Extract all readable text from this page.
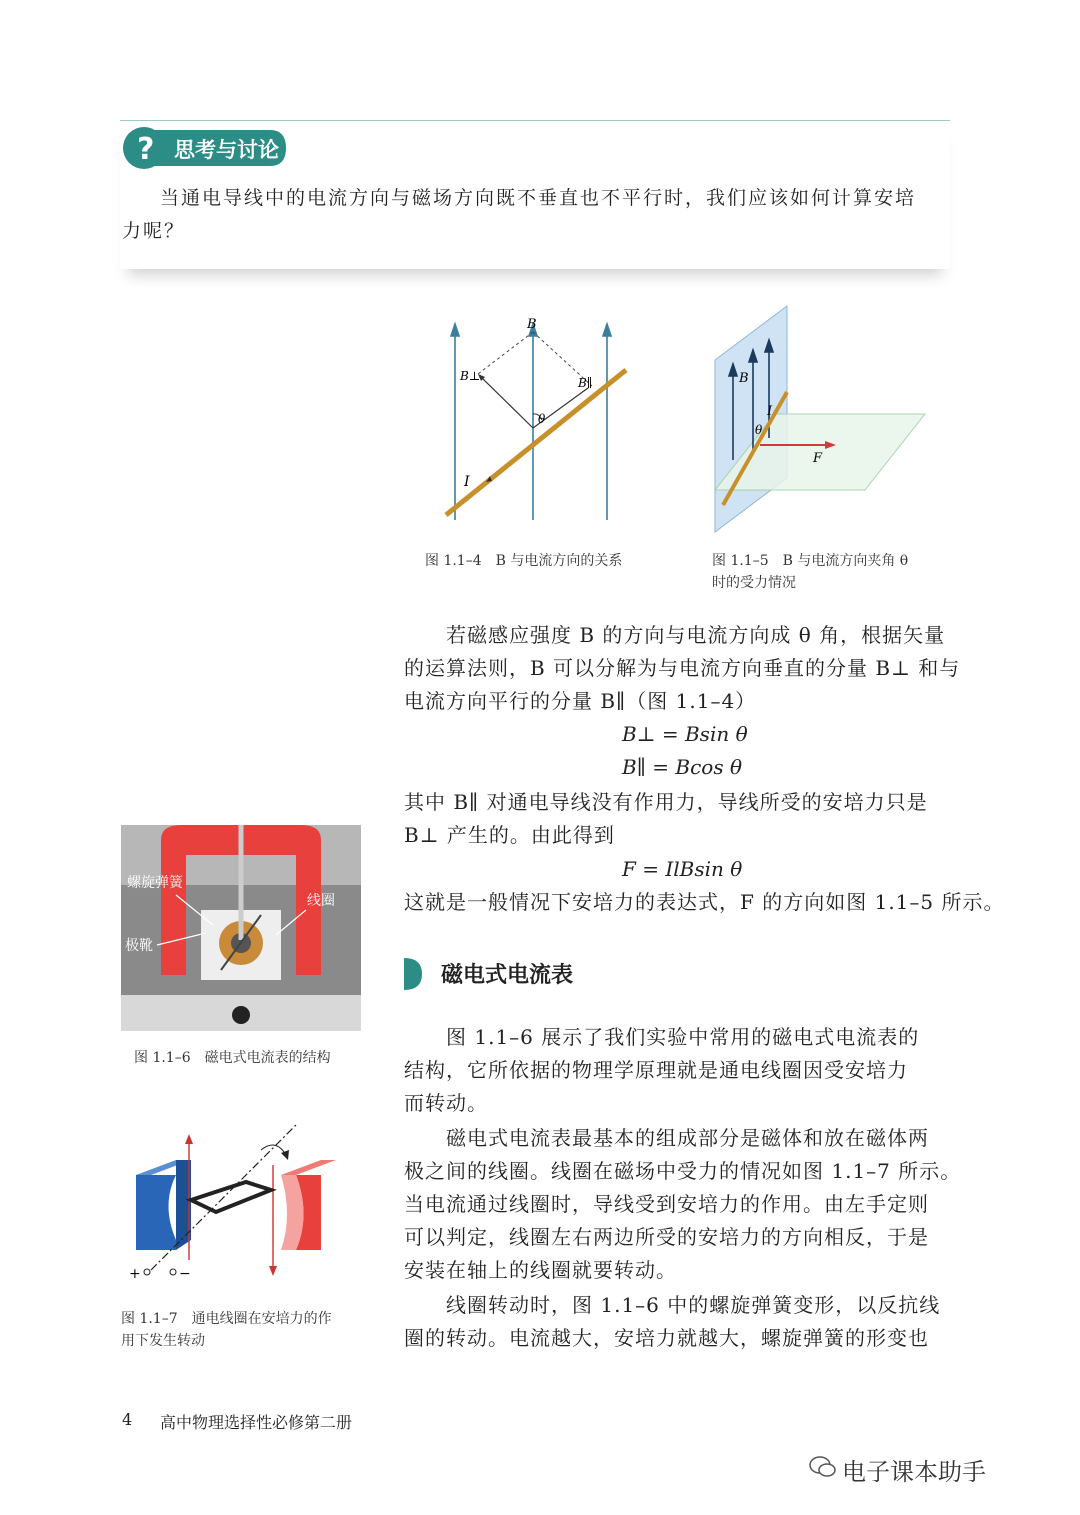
? 思考与讨论
当通电导线中的电流方向与磁场方向既不垂直也不平行时，我们应该如何计算安培
力呢？
B
B⊥	B∥
θ
I
图 1.1–4　B 与电流方向的关系
B
I
θ
F
图 1.1–5　B 与电流方向夹角 θ
时的受力情况
若磁感应强度 B 的方向与电流方向成 θ 角，根据矢量
的运算法则，B 可以分解为与电流方向垂直的分量 B⊥ 和与
电流方向平行的分量 B∥（图 1.1–4）
B⊥ = Bsin θ
B∥ = Bcos θ
其中 B∥ 对通电导线没有作用力，导线所受的安培力只是
B⊥ 产生的。由此得到
F = IlBsin θ
这就是一般情况下安培力的表达式，F 的方向如图 1.1–5 所示。
磁电式电流表
图 1.1–6 展示了我们实验中常用的磁电式电流表的
结构，它所依据的物理学原理就是通电线圈因受安培力
而转动。
磁电式电流表最基本的组成部分是磁体和放在磁体两
极之间的线圈。线圈在磁场中受力的情况如图 1.1–7 所示。
当电流通过线圈时，导线受到安培力的作用。由左手定则
可以判定，线圈左右两边所受的安培力的方向相反，于是
安装在轴上的线圈就要转动。
线圈转动时，图 1.1–6 中的螺旋弹簧变形，以反抗线
圈的转动。电流越大，安培力就越大，螺旋弹簧的形变也
螺旋弹簧
线圈
极靴
图 1.1–6　磁电式电流表的结构
+	−
图 1.1–7　通电线圈在安培力的作
用下发生转动
4 高中物理选择性必修第二册
电子课本助手
